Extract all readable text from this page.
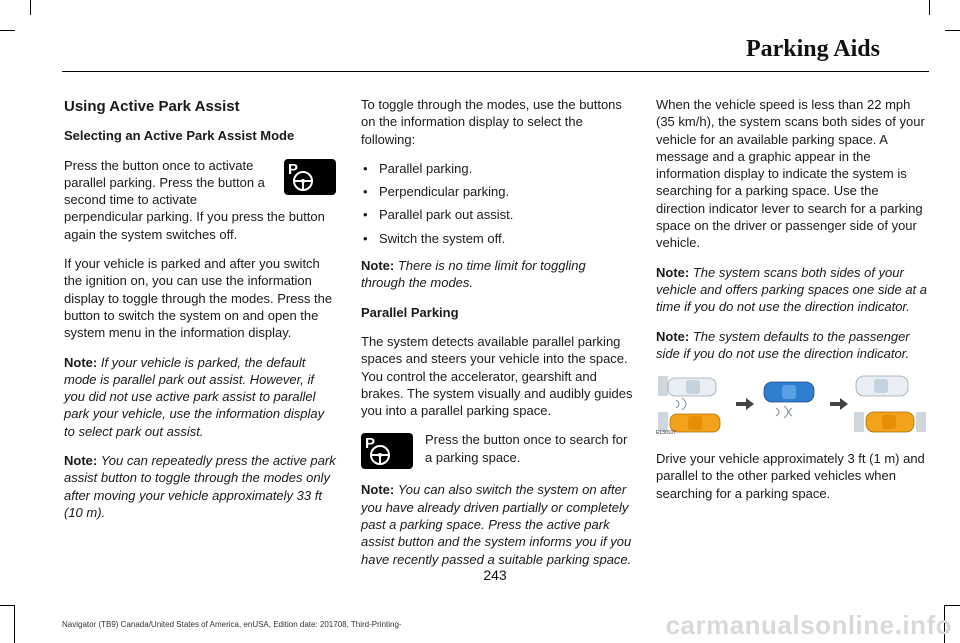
Parking Aids

Using Active Park Assist

Selecting an Active Park Assist Mode

P
Press the button once to activate parallel parking. Press the button a second time to activate perpendicular parking. If you press the button again the system switches off.

If your vehicle is parked and after you switch the ignition on, you can use the information display to toggle through the modes. Press the button to switch the system on and open the system menu in the information display.

Note: If your vehicle is parked, the default mode is parallel park out assist. However, if you did not use active park assist to parallel park your vehicle, use the information display to select park out assist.

Note: You can repeatedly press the active park assist button to toggle through the modes only after moving your vehicle approximately 33 ft (10 m).

To toggle through the modes, use the buttons on the information display to select the following:

• Parallel parking.
• Perpendicular parking.
• Parallel park out assist.
• Switch the system off.

Note: There is no time limit for toggling through the modes.

Parallel Parking

The system detects available parallel parking spaces and steers your vehicle into the space. You control the accelerator, gearshift and brakes. The system visually and audibly guides you into a parallel parking space.

P	Press the button once to search for a parking space.

Note: You can also switch the system on after you have already driven partially or completely past a parking space. Press the active park assist button and the system informs you if you have recently passed a suitable parking space.

When the vehicle speed is less than 22 mph (35 km/h), the system scans both sides of your vehicle for an available parking space. A message and a graphic appear in the information display to indicate the system is searching for a parking space. Use the direction indicator lever to search for a parking space on the driver or passenger side of your vehicle.

Note: The system scans both sides of your vehicle and offers parking spaces one side at a time if you do not use the direction indicator.

Note: The system defaults to the passenger side if you do not use the direction indicator.

E130107

Drive your vehicle approximately 3 ft (1 m) and parallel to the other parked vehicles when searching for a parking space.

243
Navigator (TB9) Canada/United States of America, enUSA, Edition date: 201708, Third-Printing-	carmanualsonline.info
